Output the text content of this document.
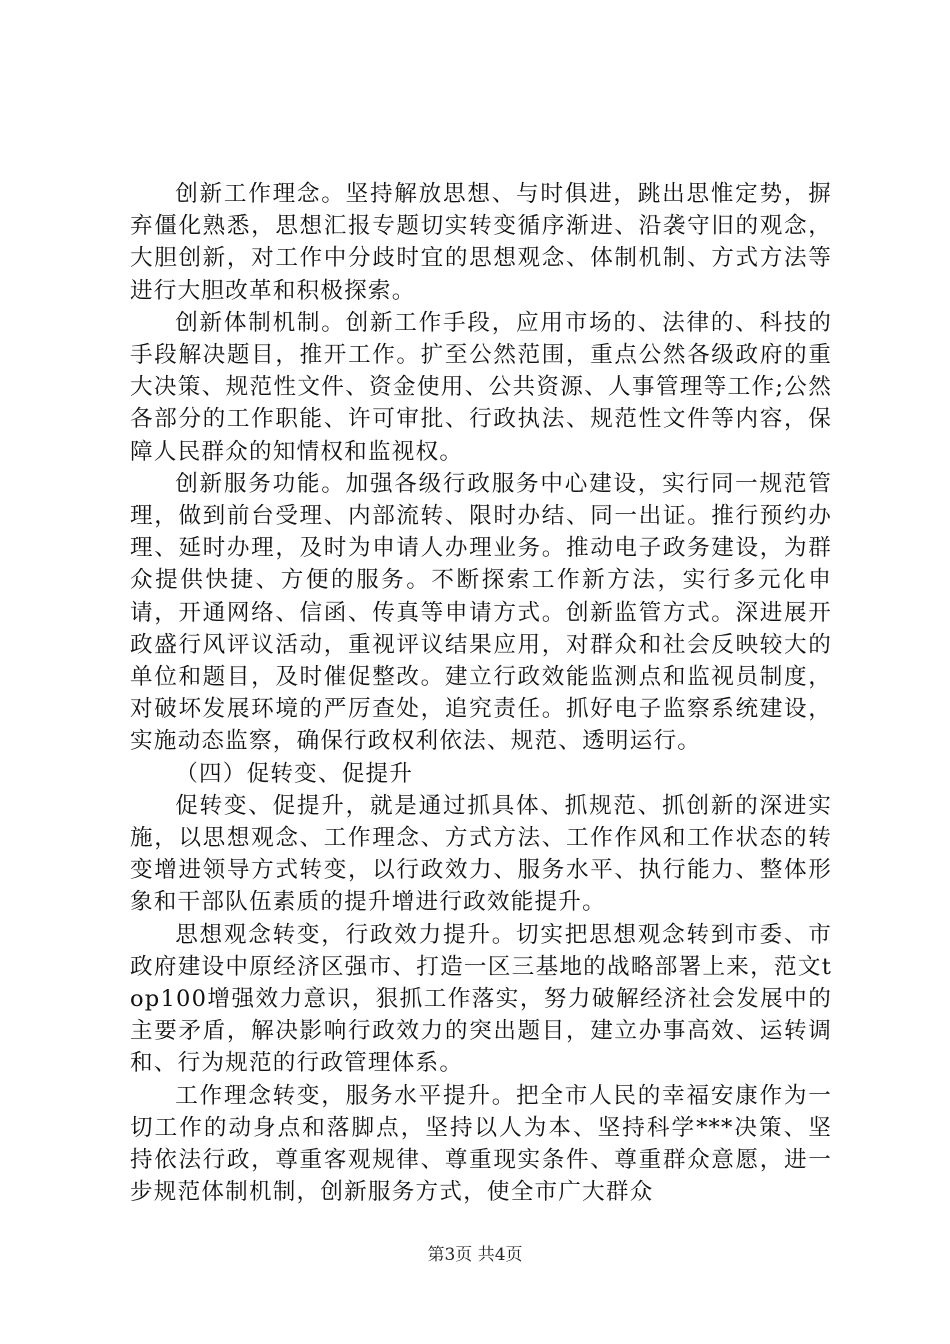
创新工作理念。坚持解放思想、与时俱进，跳出思惟定势，摒弃僵化熟悉，思想汇报专题切实转变循序渐进、沿袭守旧的观念，大胆创新，对工作中分歧时宜的思想观念、体制机制、方式方法等进行大胆改革和积极探索。

创新体制机制。创新工作手段，应用市场的、法律的、科技的手段解决题目，推开工作。扩至公然范围，重点公然各级政府的重大决策、规范性文件、资金使用、公共资源、人事管理等工作;公然各部分的工作职能、许可审批、行政执法、规范性文件等内容，保障人民群众的知情权和监视权。

创新服务功能。加强各级行政服务中心建设，实行同一规范管理，做到前台受理、内部流转、限时办结、同一出证。推行预约办理、延时办理，及时为申请人办理业务。推动电子政务建设，为群众提供快捷、方便的服务。不断探索工作新方法，实行多元化申请，开通网络、信函、传真等申请方式。创新监管方式。深进展开政盛行风评议活动，重视评议结果应用，对群众和社会反映较大的单位和题目，及时催促整改。建立行政效能监测点和监视员制度，对破坏发展环境的严厉查处，追究责任。抓好电子监察系统建设，实施动态监察，确保行政权利依法、规范、透明运行。

（四）促转变、促提升

促转变、促提升，就是通过抓具体、抓规范、抓创新的深进实施，以思想观念、工作理念、方式方法、工作作风和工作状态的转变增进领导方式转变，以行政效力、服务水平、执行能力、整体形象和干部队伍素质的提升增进行政效能提升。

思想观念转变，行政效力提升。切实把思想观念转到市委、市政府建设中原经济区强市、打造一区三基地的战略部署上来，范文top100增强效力意识，狠抓工作落实，努力破解经济社会发展中的主要矛盾，解决影响行政效力的突出题目，建立办事高效、运转调和、行为规范的行政管理体系。

工作理念转变，服务水平提升。把全市人民的幸福安康作为一切工作的动身点和落脚点，坚持以人为本、坚持科学***决策、坚持依法行政，尊重客观规律、尊重现实条件、尊重群众意愿，进一步规范体制机制，创新服务方式，使全市广大群众

第3页 共4页
